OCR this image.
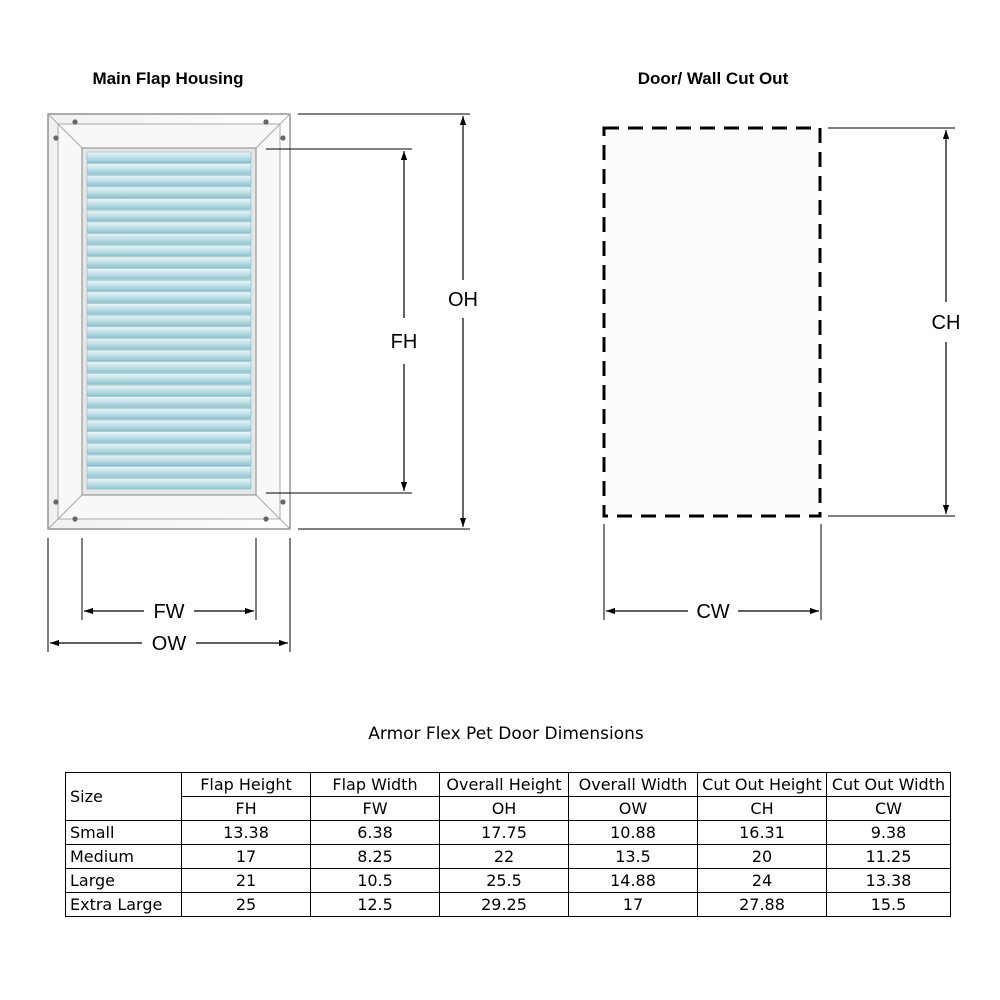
Main Flap Housing
FH
OH
FW
OW
Door/ Wall Cut Out
CH
CW
Armor Flex Pet Door Dimensions
Size	Flap Height	Flap Width	Overall Height	Overall Width	Cut Out Height	Cut Out Width
	FH	FW	OH	OW	CH	CW
Small	13.38	6.38	17.75	10.88	16.31	9.38
Medium	17	8.25	22	13.5	20	11.25
Large	21	10.5	25.5	14.88	24	13.38
Extra Large	25	12.5	29.25	17	27.88	15.5
